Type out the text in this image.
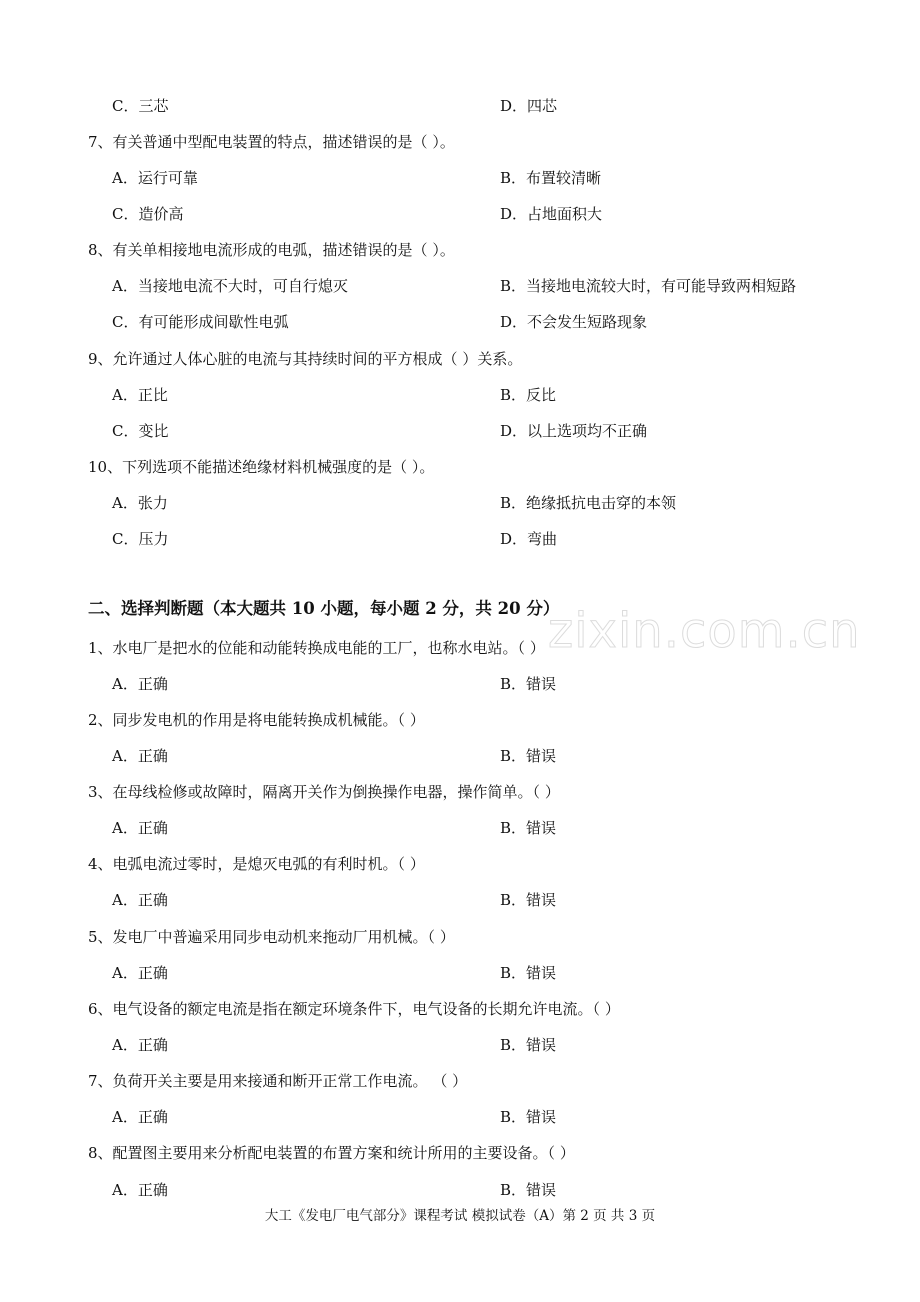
zixin.com.cn
C．三芯	D．四芯
7、有关普通中型配电装置的特点，描述错误的是（ ）。
A．运行可靠	B．布置较清晰
C．造价高	D．占地面积大
8、有关单相接地电流形成的电弧，描述错误的是（ ）。
A．当接地电流不大时，可自行熄灭	B．当接地电流较大时，有可能导致两相短路
C．有可能形成间歇性电弧	D．不会发生短路现象
9、允许通过人体心脏的电流与其持续时间的平方根成（ ）关系。
A．正比	B．反比
C．变比	D．以上选项均不正确
10、下列选项不能描述绝缘材料机械强度的是（ ）。
A．张力	B．绝缘抵抗电击穿的本领
C．压力	D．弯曲
二、选择判断题（本大题共 10 小题，每小题 2 分，共 20 分）
1、水电厂是把水的位能和动能转换成电能的工厂，也称水电站。（ ）
A．正确	B．错误
2、同步发电机的作用是将电能转换成机械能。（ ）
A．正确	B．错误
3、在母线检修或故障时，隔离开关作为倒换操作电器，操作简单。（ ）
A．正确	B．错误
4、电弧电流过零时，是熄灭电弧的有利时机。（ ）
A．正确	B．错误
5、发电厂中普遍采用同步电动机来拖动厂用机械。（ ）
A．正确	B．错误
6、电气设备的额定电流是指在额定环境条件下，电气设备的长期允许电流。（ ）
A．正确	B．错误
7、负荷开关主要是用来接通和断开正常工作电流。 （ ）
A．正确	B．错误
8、配置图主要用来分析配电装置的布置方案和统计所用的主要设备。（ ）
A．正确	B．错误
大工《发电厂电气部分》课程考试 模拟试卷（A）第 2 页 共 3 页
